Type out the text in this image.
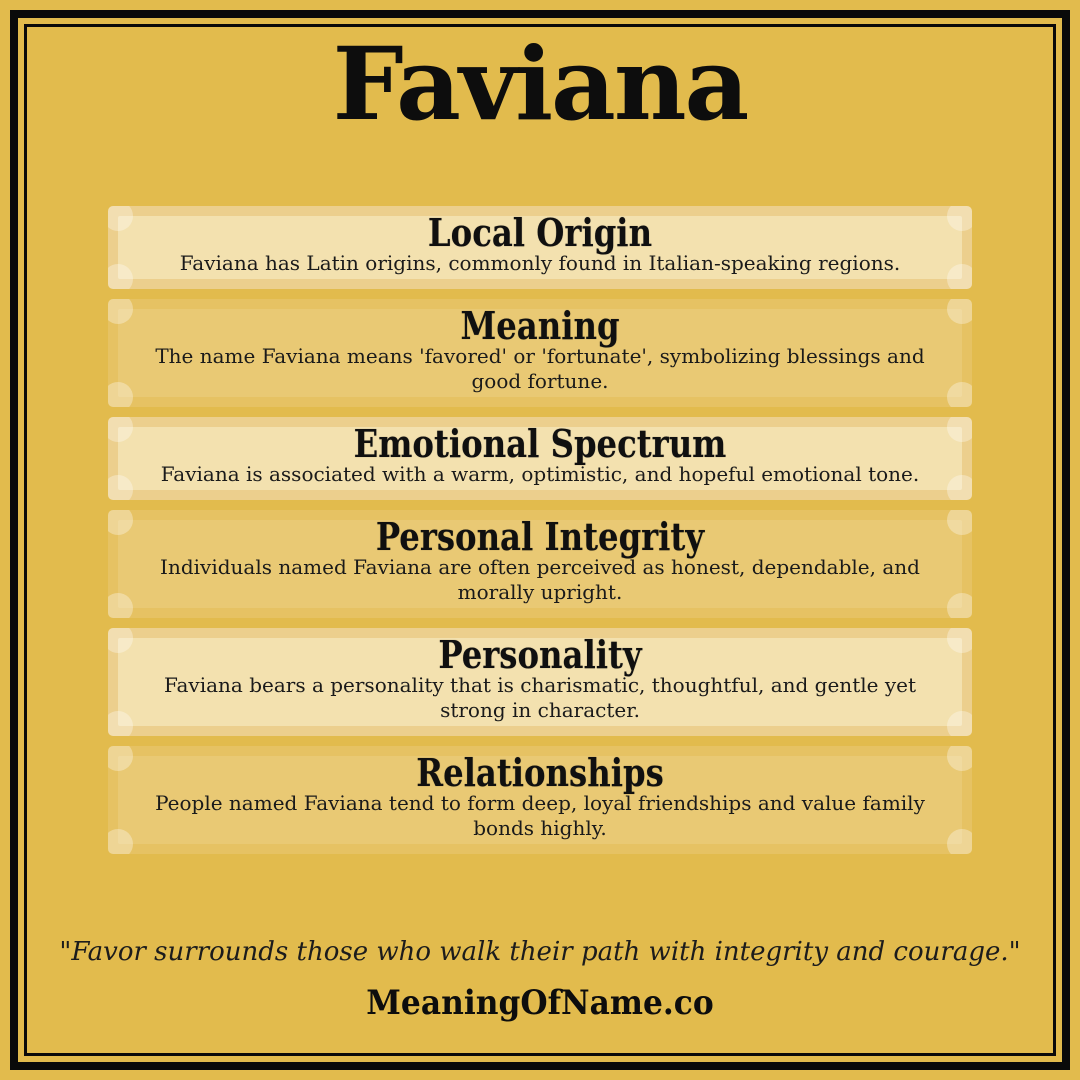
Faviana
Local Origin

Faviana has Latin origins, commonly found in Italian-speaking regions.

Meaning

The name Faviana means 'favored' or 'fortunate', symbolizing blessings and good fortune.

Emotional Spectrum

Faviana is associated with a warm, optimistic, and hopeful emotional tone.

Personal Integrity

Individuals named Faviana are often perceived as honest, dependable, and morally upright.

Personality

Faviana bears a personality that is charismatic, thoughtful, and gentle yet strong in character.

Relationships

People named Faviana tend to form deep, loyal friendships and value family bonds highly.

"Favor surrounds those who walk their path with integrity and courage."
MeaningOfName.co
